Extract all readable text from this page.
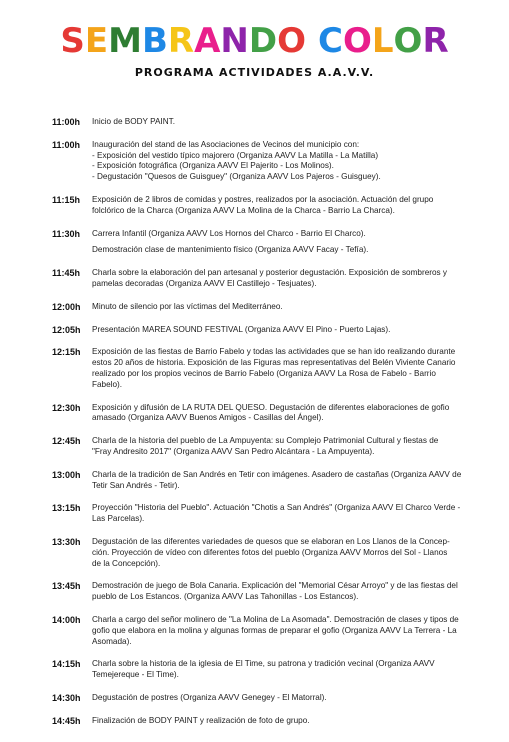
SEMBRANDO COLOR
PROGRAMA ACTIVIDADES A.A.V.V.
11:00h	Inicio de BODY PAINT.
11:00h	Inauguración del stand de las Asociaciones de Vecinos del municipio con:
- Exposición del vestido típico majorero (Organiza AAVV La Matilla - La Matilla)
- Exposición fotográfica (Organiza AAVV El Pajerito - Los Molinos).
- Degustación "Quesos de Guisguey" (Organiza AAVV Los Pajeros - Guisguey).
11:15h	Exposición de 2 libros de comidas y postres, realizados por la asociación. Actuación del grupo
folclórico de la Charca (Organiza AAVV La Molina de la Charca - Barrio La Charca).
11:30h	Carrera Infantil (Organiza AAVV Los Hornos del Charco - Barrio El Charco).
Demostración clase de mantenimiento físico (Organiza AAVV Facay - Tefía).
11:45h	Charla sobre la elaboración del pan artesanal y posterior degustación. Exposición de sombreros y
pamelas decoradas (Organiza AAVV El Castillejo - Tesjuates).
12:00h	Minuto de silencio por las víctimas del Mediterráneo.
12:05h	Presentación MAREA SOUND FESTIVAL (Organiza AAVV El Pino - Puerto Lajas).
12:15h	Exposición de las fiestas de Barrio Fabelo y todas las actividades que se han ido realizando durante
estos 20 años de historia. Exposición de las Figuras mas representativas del Belén Viviente Canario
realizado por los propios vecinos de Barrio Fabelo (Organiza AAVV La Rosa de Fabelo - Barrio
Fabelo).
12:30h	Exposición y difusión de LA RUTA DEL QUESO. Degustación de diferentes elaboraciones de gofio
amasado (Organiza AAVV Buenos Amigos - Casillas del Ángel).
12:45h	Charla de la historia del pueblo de La Ampuyenta: su Complejo Patrimonial Cultural y fiestas de
"Fray Andresito 2017" (Organiza AAVV San Pedro Alcántara - La Ampuyenta).
13:00h	Charla de la tradición de San Andrés en Tetir con imágenes. Asadero de castañas (Organiza AAVV de
Tetir San Andrés - Tetir).
13:15h	Proyección "Historia del Pueblo". Actuación "Chotis a San Andrés" (Organiza AAVV El Charco Verde -
Las Parcelas).
13:30h	Degustación de las diferentes variedades de quesos que se elaboran en Los Llanos de la Concep-
ción. Proyección de vídeo con diferentes fotos del pueblo (Organiza AAVV Morros del Sol - Llanos
de la Concepción).
13:45h	Demostración de juego de Bola Canaria. Explicación del "Memorial César Arroyo" y de las fiestas del
pueblo de Los Estancos. (Organiza AAVV Las Tahonillas - Los Estancos).
14:00h	Charla a cargo del señor molinero de "La Molina de La Asomada". Demostración de clases y tipos de
gofio que elabora en la molina y algunas formas de preparar el gofio (Organiza AAVV La Terrera - La
Asomada).
14:15h	Charla sobre la historia de la iglesia de El Time, su patrona y tradición vecinal (Organiza AAVV
Temejereque - El Time).
14:30h	Degustación de postres (Organiza AAVV Genegey - El Matorral).
14:45h	Finalización de BODY PAINT y realización de foto de grupo.
